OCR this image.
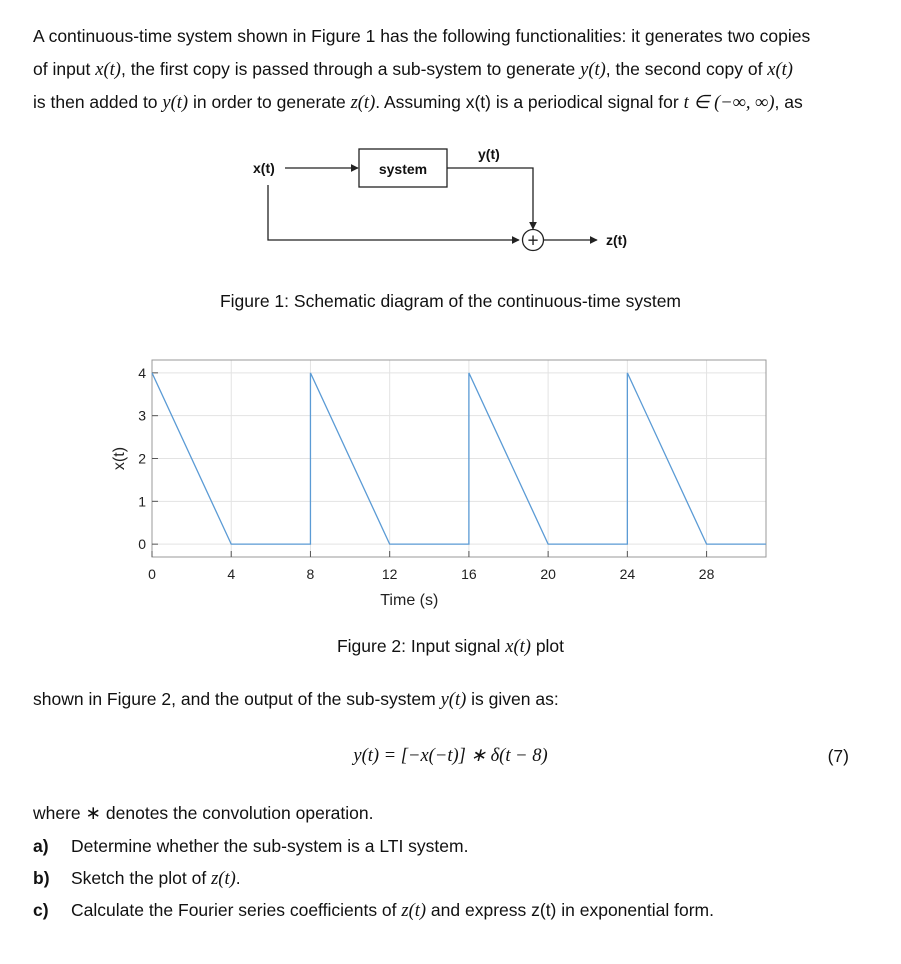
A continuous-time system shown in Figure 1 has the following functionalities: it generates two copies
of input x(t), the first copy is passed through a sub-system to generate y(t), the second copy of x(t)
is then added to y(t) in order to generate z(t). Assuming x(t) is a periodical signal for t ∈ (−∞, ∞), as
x(t)	system
y(t)
+	z(t)
Figure 1: Schematic diagram of the continuous-time system
0	4	8	12	16	20	24	28
0
1
2
3
4
Time (s)
x(t)
Figure 2: Input signal x(t) plot
shown in Figure 2, and the output of the sub-system y(t) is given as:
y(t) = [−x(−t)] ∗ δ(t − 8)	(7)
where ∗ denotes the convolution operation.
a) Determine whether the sub-system is a LTI system.
b) Sketch the plot of z(t).
c) Calculate the Fourier series coefficients of z(t) and express z(t) in exponential form.
